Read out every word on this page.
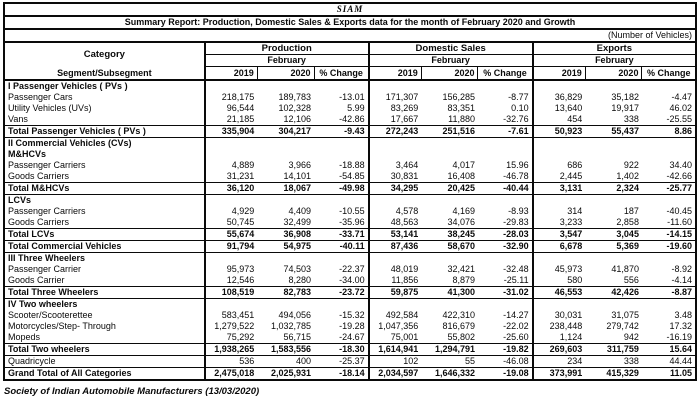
SIAM									
Summary Report: Production, Domestic Sales & Exports data for the month of February 2020 and Growth									
(Number of Vehicles)									
Category	Production			Domestic Sales			Exports		
	February			February			February		
Segment/Subsegment	2019	2020	% Change	2019	2020	% Change	2019	2020	% Change
I Passenger Vehicles ( PVs )									
Passenger Cars	218,175	189,783	-13.01	171,307	156,285	-8.77	36,829	35,182	-4.47
Utility Vehicles (UVs)	96,544	102,328	5.99	83,269	83,351	0.10	13,640	19,917	46.02
Vans	21,185	12,106	-42.86	17,667	11,880	-32.76	454	338	-25.55
Total Passenger Vehicles ( PVs )	335,904	304,217	-9.43	272,243	251,516	-7.61	50,923	55,437	8.86
II Commercial Vehicles (CVs)									
M&HCVs									
Passenger Carriers	4,889	3,966	-18.88	3,464	4,017	15.96	686	922	34.40
Goods Carriers	31,231	14,101	-54.85	30,831	16,408	-46.78	2,445	1,402	-42.66
Total M&HCVs	36,120	18,067	-49.98	34,295	20,425	-40.44	3,131	2,324	-25.77
LCVs									
Passenger Carriers	4,929	4,409	-10.55	4,578	4,169	-8.93	314	187	-40.45
Goods Carriers	50,745	32,499	-35.96	48,563	34,076	-29.83	3,233	2,858	-11.60
Total LCVs	55,674	36,908	-33.71	53,141	38,245	-28.03	3,547	3,045	-14.15
Total Commercial Vehicles	91,794	54,975	-40.11	87,436	58,670	-32.90	6,678	5,369	-19.60
III Three Wheelers									
Passenger Carrier	95,973	74,503	-22.37	48,019	32,421	-32.48	45,973	41,870	-8.92
Goods Carrier	12,546	8,280	-34.00	11,856	8,879	-25.11	580	556	-4.14
Total Three Wheelers	108,519	82,783	-23.72	59,875	41,300	-31.02	46,553	42,426	-8.87
IV Two wheelers									
Scooter/Scooterettee	583,451	494,056	-15.32	492,584	422,310	-14.27	30,031	31,075	3.48
Motorcycles/Step- Through	1,279,522	1,032,785	-19.28	1,047,356	816,679	-22.02	238,448	279,742	17.32
Mopeds	75,292	56,715	-24.67	75,001	55,802	-25.60	1,124	942	-16.19
Total Two wheelers	1,938,265	1,583,556	-18.30	1,614,941	1,294,791	-19.82	269,603	311,759	15.64
Quadricycle	536	400	-25.37	102	55	-46.08	234	338	44.44
Grand Total of All Categories	2,475,018	2,025,931	-18.14	2,034,597	1,646,332	-19.08	373,991	415,329	11.05
Society of Indian Automobile Manufacturers (13/03/2020)
